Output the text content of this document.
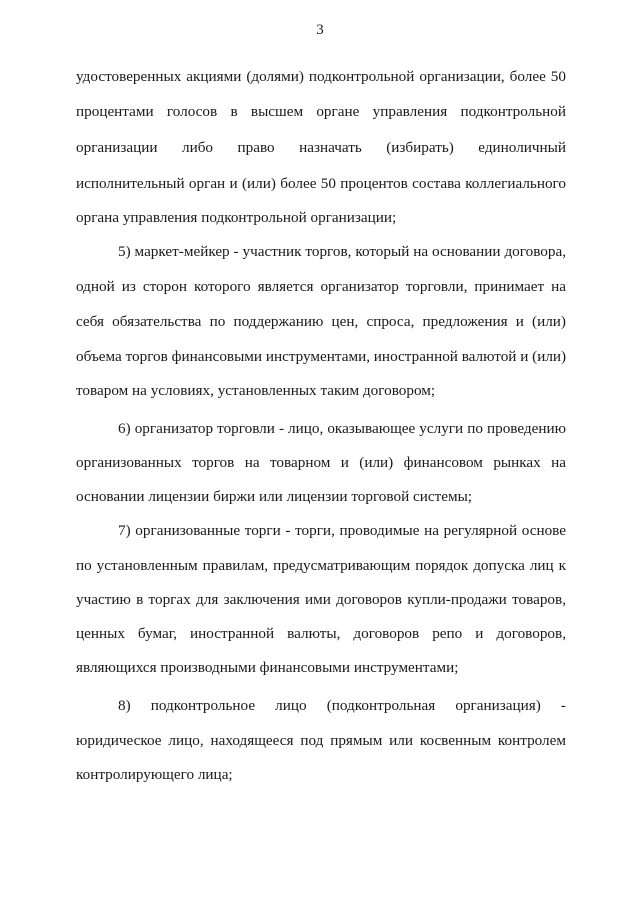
3
удостоверенных акциями (долями) подконтрольной организации, более 50
процентами голосов в высшем органе управления подконтрольной
организации либо право назначать (избирать) единоличный
исполнительный орган и (или) более 50 процентов состава коллегиального
органа управления подконтрольной организации;
5) маркет-мейкер - участник торгов, который на основании договора,
одной из сторон которого является организатор торговли, принимает на
себя обязательства по поддержанию цен, спроса, предложения и (или)
объема торгов финансовыми инструментами, иностранной валютой и (или)
товаром на условиях, установленных таким договором;
6) организатор торговли - лицо, оказывающее услуги по проведению
организованных торгов на товарном и (или) финансовом рынках на
основании лицензии биржи или лицензии торговой системы;
7) организованные торги - торги, проводимые на регулярной основе
по установленным правилам, предусматривающим порядок допуска лиц к
участию в торгах для заключения ими договоров купли-продажи товаров,
ценных бумаг, иностранной валюты, договоров репо и договоров,
являющихся производными финансовыми инструментами;
8) подконтрольное лицо (подконтрольная организация) -
юридическое лицо, находящееся под прямым или косвенным контролем
контролирующего лица;
